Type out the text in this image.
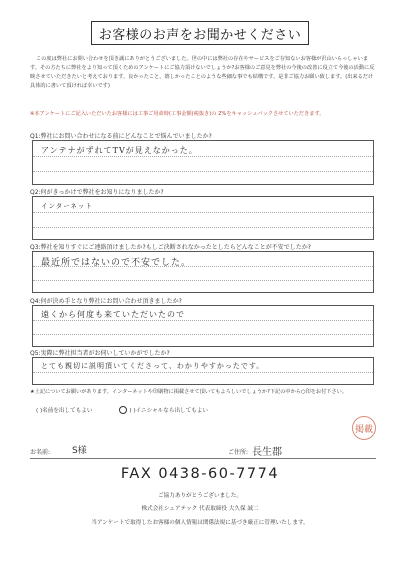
お客様のお声をお聞かせください

この度は弊社にお問い合わせを頂き誠にありがとうございました。世の中には弊社の存在やサービスをご存知ないお客様が沢山いらっしゃいます。その方たちに弊社をより知って頂くためのアンケートにご協力頂けないでしょうか?お客様のご意見を弊社の今後の改善に役立て今後の活動に反映させていただきたいと考えております。良かったこと、嬉しかったことのような些細な事でも結構です。是非ご協力お願い致します。(出来るだけ具体的に書いて頂ければ幸いです)

※本アンケートにご記入いただいたお客様には工事ご用命時(工事金額(税抜き)の 2%をキャッシュバックさせていただきます。
Q1:弊社にお問い合わせになる前にどんなことで悩んでいましたか?
アンテナがずれてTVが見えなかった。
Q2:何がきっかけで弊社をお知りになりましたか?
インターネット
Q3:弊社を知りすぐにご連絡頂けましたか?もしご決断されなかったとしたらどんなことが不安でしたか?
最近所ではないので不安でした。
Q4:何が決め手となり弊社にお問い合わせ頂きましたか?
遠くから何度も来ていただいたので
Q5:実際に弊社担当者がお伺いしていかがでしたか?
とても親切に説明頂いてくださって、わかりやすかったです。
★上記についてお願いがあります。インターネットや印刷物に掲載させて頂いてもよろしいでしょうか?下記の中から○印をお付下さい。
( )名前を出してもよい	( )イニシャルなら出してもよい
掲載
お名前: S様	ご住所: 長生郡
FAX 0438-60-7774
ご協力ありがとうございました。
株式会社シェアテック 代表取締役 大久保 誠二
当アンケートで取得したお客様の個人情報は関係法規に基づき厳正に管理いたします。
